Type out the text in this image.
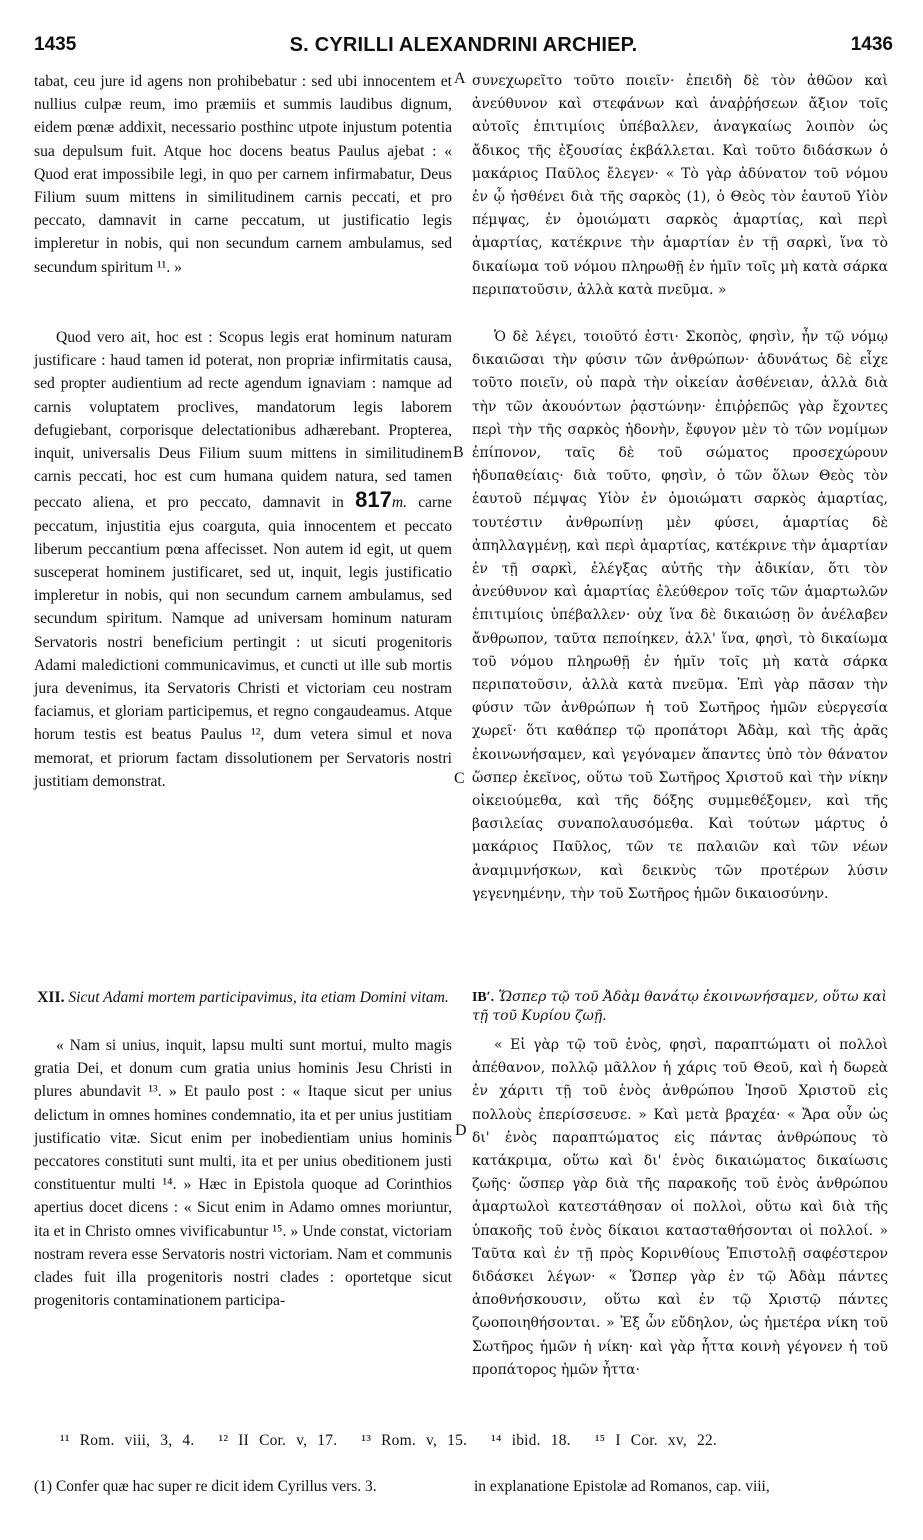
1435	S. CYRILLI ALEXANDRINI ARCHIEP.	1436
A
B
C
D

tabat, ceu jure id agens non prohibebatur : sed ubi innocentem et nullius culpæ reum, imo præmiis et summis laudibus dignum, eidem pœnæ addixit, necessario posthinc utpote injustum potentia sua depulsum fuit. Atque hoc docens beatus Paulus ajebat : « Quod erat impossibile legi, in quo per carnem infirmabatur, Deus Filium suum mittens in similitudinem carnis peccati, et pro peccato, damnavit in carne peccatum, ut justificatio legis impleretur in nobis, qui non secundum carnem ambulamus, sed secundum spiritum ¹¹. »

Quod vero ait, hoc est : Scopus legis erat hominum naturam justificare : haud tamen id poterat, non propriæ infirmitatis causa, sed propter audientium ad recte agendum ignaviam : namque ad carnis voluptatem proclives, mandatorum legis laborem defugiebant, corporisque delectationibus adhærebant. Propterea, inquit, universalis Deus Filium suum mittens in similitudinem carnis peccati, hoc est cum humana quidem natura, sed tamen peccato aliena, et pro peccato, damnavit in 817m. carne peccatum, injustitia ejus coarguta, quia innocentem et peccato liberum peccantium pœna affecisset. Non autem id egit, ut quem susceperat hominem justificaret, sed ut, inquit, legis justificatio impleretur in nobis, qui non secundum carnem ambulamus, sed secundum spiritum. Namque ad universam hominum naturam Servatoris nostri beneficium pertingit : ut sicuti progenitoris Adami maledictioni communicavimus, et cuncti ut ille sub mortis jura devenimus, ita Servatoris Christi et victoriam ceu nostram faciamus, et gloriam participemus, et regno congaudeamus. Atque horum testis est beatus Paulus ¹², dum vetera simul et nova memorat, et priorum factam dissolutionem per Servatoris nostri justitiam demonstrat.

XII. Sicut Adami mortem participavimus, ita etiam Domini vitam.

« Nam si unius, inquit, lapsu multi sunt mortui, multo magis gratia Dei, et donum cum gratia unius hominis Jesu Christi in plures abundavit ¹³. » Et paulo post : « Itaque sicut per unius delictum in omnes homines condemnatio, ita et per unius justitiam justificatio vitæ. Sicut enim per inobedientiam unius hominis peccatores constituti sunt multi, ita et per unius obeditionem justi constituentur multi ¹⁴. » Hæc in Epistola quoque ad Corinthios apertius docet dicens : « Sicut enim in Adamo omnes moriuntur, ita et in Christo omnes vivificabuntur ¹⁵. » Unde constat, victoriam nostram revera esse Servatoris nostri victoriam. Nam et communis clades fuit illa progenitoris nostri clades : oportetque sicut progenitoris contaminationem participa-

συνεχωρεῖτο τοῦτο ποιεῖν· ἐπειδὴ δὲ τὸν ἀθῶον καὶ ἀνεύθυνον καὶ στεφάνων καὶ ἀναῤῥήσεων ἄξιον τοῖς αὐτοῖς ἐπιτιμίοις ὑπέβαλλεν, ἀναγκαίως λοιπὸν ὡς ἄδικος τῆς ἐξουσίας ἐκβάλλεται. Καὶ τοῦτο διδάσκων ὁ μακάριος Παῦλος ἔλεγεν· « Τὸ γὰρ ἀδύνατον τοῦ νόμου ἐν ᾧ ἠσθένει διὰ τῆς σαρκὸς (1), ὁ Θεὸς τὸν ἑαυτοῦ Υἱὸν πέμψας, ἐν ὁμοιώματι σαρκὸς ἁμαρτίας, καὶ περὶ ἁμαρτίας, κατέκρινε τὴν ἁμαρτίαν ἐν τῇ σαρκὶ, ἵνα τὸ δικαίωμα τοῦ νόμου πληρωθῇ ἐν ἡμῖν τοῖς μὴ κατὰ σάρκα περιπατοῦσιν, ἀλλὰ κατὰ πνεῦμα. »

Ὁ δὲ λέγει, τοιοῦτό ἐστι· Σκοπὸς, φησὶν, ἦν τῷ νόμῳ δικαιῶσαι τὴν φύσιν τῶν ἀνθρώπων· ἀδυνάτως δὲ εἶχε τοῦτο ποιεῖν, οὐ παρὰ τὴν οἰκείαν ἀσθένειαν, ἀλλὰ διὰ τὴν τῶν ἀκουόντων ῥᾳστώνην· ἐπιῤῥεπῶς γὰρ ἔχοντες περὶ τὴν τῆς σαρκὸς ἡδονὴν, ἔφυγον μὲν τὸ τῶν νομίμων ἐπίπονον, ταῖς δὲ τοῦ σώματος προσεχώρουν ἡδυπαθείαις· διὰ τοῦτο, φησὶν, ὁ τῶν ὅλων Θεὸς τὸν ἑαυτοῦ πέμψας Υἱὸν ἐν ὁμοιώματι σαρκὸς ἁμαρτίας, τουτέστιν ἀνθρωπίνῃ μὲν φύσει, ἁμαρτίας δὲ ἀπηλλαγμένῃ, καὶ περὶ ἁμαρτίας, κατέκρινε τὴν ἁμαρτίαν ἐν τῇ σαρκὶ, ἐλέγξας αὐτῆς τὴν ἀδικίαν, ὅτι τὸν ἀνεύθυνον καὶ ἁμαρτίας ἐλεύθερον τοῖς τῶν ἁμαρτωλῶν ἐπιτιμίοις ὑπέβαλλεν· οὐχ ἵνα δὲ δικαιώσῃ ὃν ἀνέλαβεν ἄνθρωπον, ταῦτα πεποίηκεν, ἀλλ' ἵνα, φησὶ, τὸ δικαίωμα τοῦ νόμου πληρωθῇ ἐν ἡμῖν τοῖς μὴ κατὰ σάρκα περιπατοῦσιν, ἀλλὰ κατὰ πνεῦμα. Ἐπὶ γὰρ πᾶσαν τὴν φύσιν τῶν ἀνθρώπων ἡ τοῦ Σωτῆρος ἡμῶν εὐεργεσία χωρεῖ· ὅτι καθάπερ τῷ προπάτορι Ἀδὰμ, καὶ τῆς ἀρᾶς ἐκοινωνήσαμεν, καὶ γεγόναμεν ἅπαντες ὑπὸ τὸν θάνατον ὥσπερ ἐκεῖνος, οὕτω τοῦ Σωτῆρος Χριστοῦ καὶ τὴν νίκην οἰκειούμεθα, καὶ τῆς δόξης συμμεθέξομεν, καὶ τῆς βασιλείας συναπολαυσόμεθα. Καὶ τούτων μάρτυς ὁ μακάριος Παῦλος, τῶν τε παλαιῶν καὶ τῶν νέων ἀναμιμνήσκων, καὶ δεικνὺς τῶν προτέρων λύσιν γεγενημένην, τὴν τοῦ Σωτῆρος ἡμῶν δικαιοσύνην.

ΙΒʹ. Ὥσπερ τῷ τοῦ Ἀδὰμ θανάτῳ ἐκοινωνήσαμεν, οὕτω καὶ τῇ τοῦ Κυρίου ζωῇ.

« Εἰ γὰρ τῷ τοῦ ἑνὸς, φησὶ, παραπτώματι οἱ πολλοὶ ἀπέθανον, πολλῷ μᾶλλον ἡ χάρις τοῦ Θεοῦ, καὶ ἡ δωρεὰ ἐν χάριτι τῇ τοῦ ἑνὸς ἀνθρώπου Ἰησοῦ Χριστοῦ εἰς πολλοὺς ἐπερίσσευσε. » Καὶ μετὰ βραχέα· « Ἄρα οὖν ὡς δι' ἑνὸς παραπτώματος εἰς πάντας ἀνθρώπους τὸ κατάκριμα, οὕτω καὶ δι' ἑνὸς δικαιώματος δικαίωσις ζωῆς· ὥσπερ γὰρ διὰ τῆς παρακοῆς τοῦ ἑνὸς ἀνθρώπου ἁμαρτωλοὶ κατεστάθησαν οἱ πολλοὶ, οὕτω καὶ διὰ τῆς ὑπακοῆς τοῦ ἑνὸς δίκαιοι κατασταθήσονται οἱ πολλοί. » Ταῦτα καὶ ἐν τῇ πρὸς Κορινθίους Ἐπιστολῇ σαφέστερον διδάσκει λέγων· « Ὥσπερ γὰρ ἐν τῷ Ἀδὰμ πάντες ἀποθνήσκουσιν, οὕτω καὶ ἐν τῷ Χριστῷ πάντες ζωοποιηθήσονται. » Ἐξ ὧν εὔδηλον, ὡς ἡμετέρα νίκη τοῦ Σωτῆρος ἡμῶν ἡ νίκη· καὶ γὰρ ἧττα κοινὴ γέγονεν ἡ τοῦ προπάτορος ἡμῶν ἧττα·

¹¹ Rom. viii, 3, 4. ¹² II Cor. v, 17. ¹³ Rom. v, 15. ¹⁴ ibid. 18. ¹⁵ I Cor. xv, 22.
(1) Confer quæ hac super re dicit idem Cyrillus vers. 3.	in explanatione Epistolæ ad Romanos, cap. viii,
